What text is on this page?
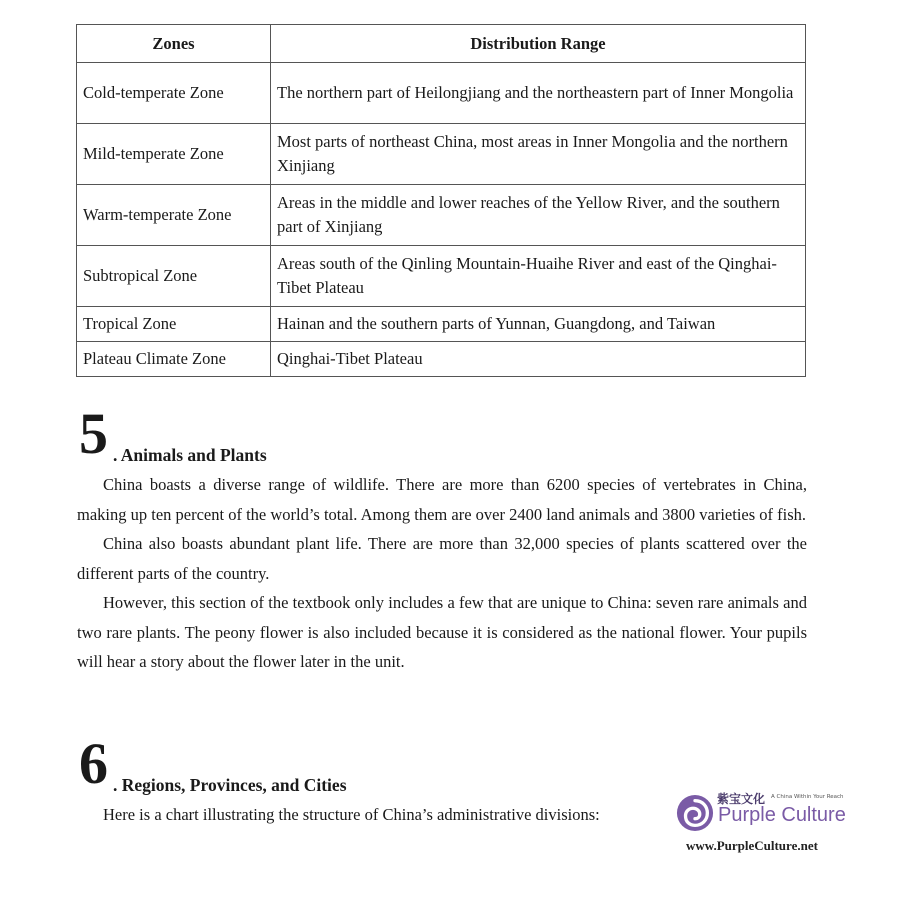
Zones	Distribution Range
Cold-temperate Zone	The northern part of Heilongjiang and the northeastern part of Inner Mongolia
Mild-temperate Zone	Most parts of northeast China, most areas in Inner Mongolia and the northern Xinjiang
Warm-temperate Zone	Areas in the middle and lower reaches of the Yellow River, and the southern part of Xinjiang
Subtropical Zone	Areas south of the Qinling Mountain-Huaihe River and east of the Qinghai-Tibet Plateau
Tropical Zone	Hainan and the southern parts of Yunnan, Guangdong, and Taiwan
Plateau Climate Zone	Qinghai-Tibet Plateau
5 . Animals and Plants

China boasts a diverse range of wildlife. There are more than 6200 species of vertebrates in China, making up ten percent of the world’s total. Among them are over 2400 land animals and 3800 varieties of fish.

China also boasts abundant plant life. There are more than 32,000 species of plants scattered over the different parts of the country.

However, this section of the textbook only includes a few that are unique to China: seven rare animals and two rare plants. The peony flower is also included because it is considered as the national flower. Your pupils will hear a story about the flower later in the unit.

6 . Regions, Provinces, and Cities

Here is a chart illustrating the structure of China’s administrative divisions:

紫宝文化 A China Within Your Reach
Purple Culture
www.PurpleCulture.net
